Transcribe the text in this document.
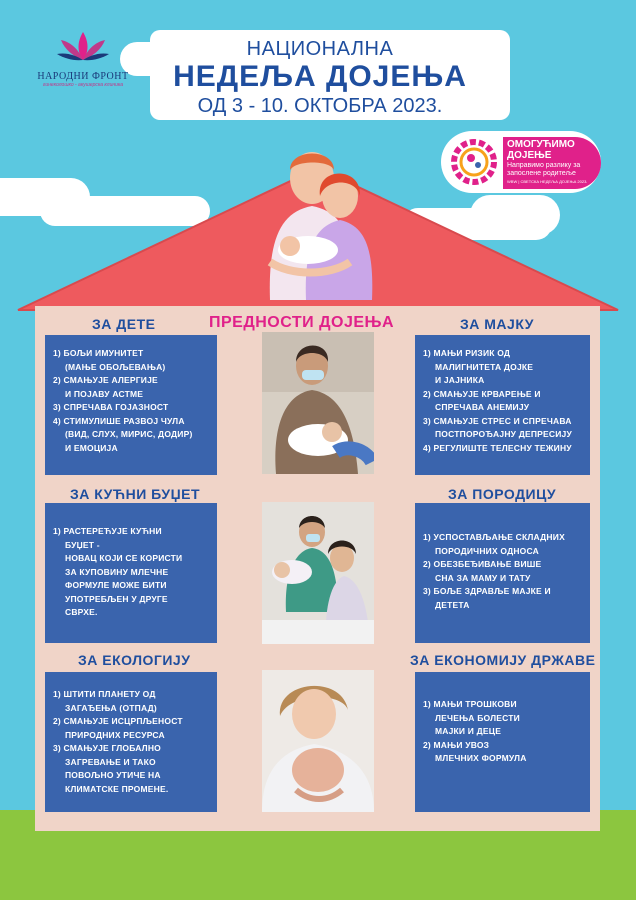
НАРОДНИ ФРОНТ
гинеколошко - акушерска клиника
НАЦИОНАЛНА
НЕДЕЉА ДОЈЕЊА
ОД 3 - 10. ОКТОБРА 2023.
ОМОГУЋИМО
ДОЈЕЊЕ
Направимо разлику за запослене родитеље
WBW | СВЕТСКА НЕДЕЉА ДОЈЕЊА 2023.
ПРЕДНОСТИ ДОЈЕЊА
ЗА ДЕТЕ	ЗА МАЈКУ
1) БОЉИ ИМУНИТЕТ
(МАЊЕ ОБОЉЕВАЊА)
2) СМАЊУЈЕ АЛЕРГИЈЕ
И ПОЈАВУ АСТМЕ
3) СПРЕЧАВА ГОЈАЗНОСТ
4) СТИМУЛИШЕ РАЗВОЈ ЧУЛА
(ВИД, СЛУХ, МИРИС, ДОДИР)
И ЕМОЦИЈА
1) МАЊИ РИЗИК ОД
МАЛИГНИТЕТА ДОЈКЕ
И ЈАЈНИКА
2) СМАЊУЈЕ КРВАРЕЊЕ И
СПРЕЧАВА АНЕМИЈУ
3) СМАЊУЈЕ СТРЕС И СПРЕЧАВА
ПОСТПОРОЂАЈНУ ДЕПРЕСИЈУ
4) РЕГУЛИШТЕ ТЕЛЕСНУ ТЕЖИНУ
ЗА КУЋНИ БУЏЕТ	ЗА ПОРОДИЦУ
1) РАСТЕРЕЋУЈЕ КУЋНИ
БУЏЕТ -
НОВАЦ КОЈИ СЕ КОРИСТИ
ЗА КУПОВИНУ МЛЕЧНЕ
ФОРМУЛЕ МОЖЕ БИТИ
УПОТРЕБЉЕН У ДРУГЕ
СВРХЕ.
1) УСПОСТАВЉАЊЕ СКЛАДНИХ
ПОРОДИЧНИХ ОДНОСА
2) ОБЕЗБЕЂИВАЊЕ ВИШЕ
СНА ЗА МАМУ И ТАТУ
3) БОЉЕ ЗДРАВЉЕ МАЈКЕ И
ДЕТЕТА
ЗА ЕКОЛОГИЈУ	ЗА ЕКОНОМИЈУ ДРЖАВЕ
1) ШТИТИ ПЛАНЕТУ ОД
ЗАГАЂЕЊА (ОТПАД)
2) СМАЊУЈЕ ИСЦРПЉЕНОСТ
ПРИРОДНИХ РЕСУРСА
3) СМАЊУЈЕ ГЛОБАЛНО
ЗАГРЕВАЊЕ И ТАКО
ПОВОЉНО УТИЧЕ НА
КЛИМАТСКЕ ПРОМЕНЕ.
1) МАЊИ ТРОШКОВИ
ЛЕЧЕЊА БОЛЕСТИ
МАЈКИ И ДЕЦЕ
2) МАЊИ УВОЗ
МЛЕЧНИХ ФОРМУЛА
